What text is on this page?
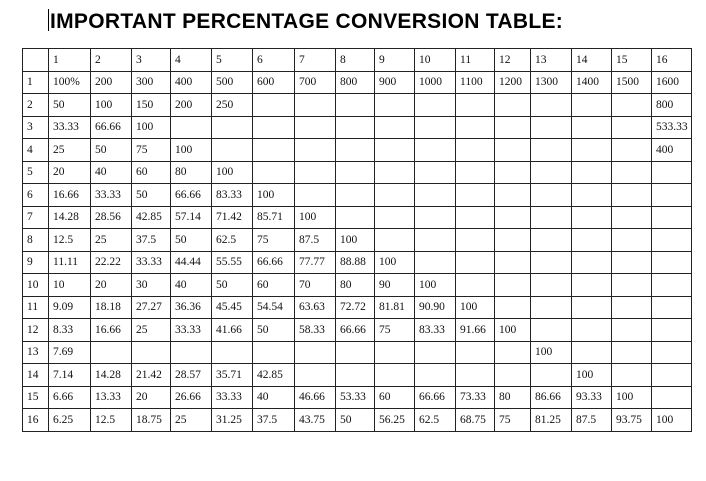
IMPORTANT PERCENTAGE CONVERSION TABLE:
	1	2	3	4	5	6	7	8	9	10	11	12	13	14	15	16
1	100%	200	300	400	500	600	700	800	900	1000	1100	1200	1300	1400	1500	1600
2	50	100	150	200	250											800
3	33.33	66.66	100													533.33
4	25	50	75	100												400
5	20	40	60	80	100											
6	16.66	33.33	50	66.66	83.33	100										
7	14.28	28.56	42.85	57.14	71.42	85.71	100									
8	12.5	25	37.5	50	62.5	75	87.5	100								
9	11.11	22.22	33.33	44.44	55.55	66.66	77.77	88.88	100							
10	10	20	30	40	50	60	70	80	90	100						
11	9.09	18.18	27.27	36.36	45.45	54.54	63.63	72.72	81.81	90.90	100					
12	8.33	16.66	25	33.33	41.66	50	58.33	66.66	75	83.33	91.66	100				
13	7.69												100			
14	7.14	14.28	21.42	28.57	35.71	42.85								100		
15	6.66	13.33	20	26.66	33.33	40	46.66	53.33	60	66.66	73.33	80	86.66	93.33	100	
16	6.25	12.5	18.75	25	31.25	37.5	43.75	50	56.25	62.5	68.75	75	81.25	87.5	93.75	100
